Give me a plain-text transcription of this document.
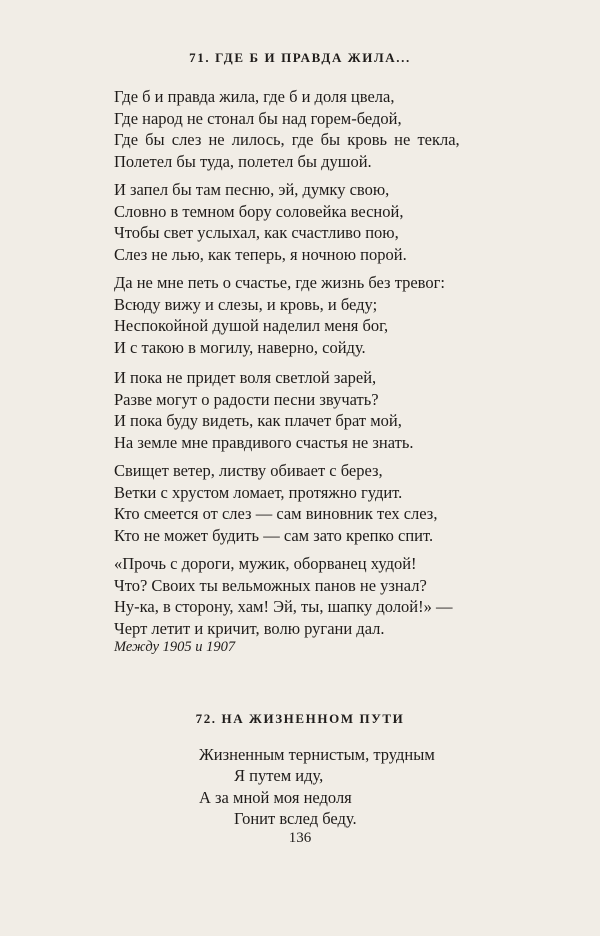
71. ГДЕ Б И ПРАВДА ЖИЛА...
Где б и правда жила, где б и доля цвела,
Где народ не стонал бы над горем-бедой,
Где бы слез не лилось, где бы кровь не текла,
Полетел бы туда, полетел бы душой.
И запел бы там песню, эй, думку свою,
Словно в темном бору соловейка весной,
Чтобы свет услыхал, как счастливо пою,
Слез не лью, как теперь, я ночною порой.
Да не мне петь о счастье, где жизнь без тревог:
Всюду вижу и слезы, и кровь, и беду;
Неспокойной душой наделил меня бог,
И с такою в могилу, наверно, сойду.
И пока не придет воля светлой зарей,
Разве могут о радости песни звучать?
И пока буду видеть, как плачет брат мой,
На земле мне правдивого счастья не знать.
Свищет ветер, листву обивает с берез,
Ветки с хрустом ломает, протяжно гудит.
Кто смеется от слез — сам виновник тех слез,
Кто не может будить — сам зато крепко спит.
«Прочь с дороги, мужик, оборванец худой!
Что? Своих ты вельможных панов не узнал?
Ну-ка, в сторону, хам! Эй, ты, шапку долой!» —
Черт летит и кричит, волю ругани дал.
Между 1905 и 1907
72. НА ЖИЗНЕННОМ ПУТИ
Жизненным тернистым, трудным
Я путем иду,
А за мной моя недоля
Гонит вслед беду.
136
